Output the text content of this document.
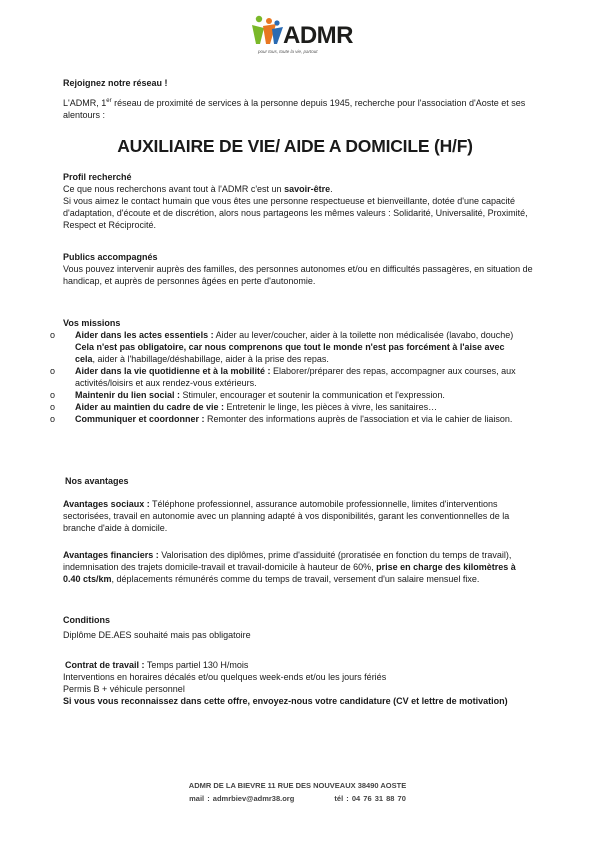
ADMR
pour tous, toute la vie, partout
Rejoignez notre réseau !
L'ADMR, 1er réseau de proximité de services à la personne depuis 1945, recherche pour l'association d'Aoste et ses alentours :
AUXILIAIRE DE VIE/ AIDE A DOMICILE (H/F)
Profil recherché
Ce que nous recherchons avant tout à l'ADMR c'est un savoir-être.
Si vous aimez le contact humain que vous êtes une personne respectueuse et bienveillante, dotée d'une capacité d'adaptation, d'écoute et de discrétion, alors nous partageons les mêmes valeurs : Solidarité, Universalité, Proximité, Respect et Réciprocité.
Publics accompagnés
Vous pouvez intervenir auprès des familles, des personnes autonomes et/ou en difficultés passagères, en situation de handicap, et auprès de personnes âgées en perte d'autonomie.
Vos missions
o	Aider dans les actes essentiels : Aider au lever/coucher, aider à la toilette non médicalisée (lavabo, douche) Cela n'est pas obligatoire, car nous comprenons que tout le monde n'est pas forcément à l'aise avec cela, aider à l'habillage/déshabillage, aider à la prise des repas.
o	Aider dans la vie quotidienne et à la mobilité : Elaborer/préparer des repas, accompagner aux courses, aux activités/loisirs et aux rendez-vous extérieurs.
o	Maintenir du lien social : Stimuler, encourager et soutenir la communication et l'expression.
o	Aider au maintien du cadre de vie : Entretenir le linge, les pièces à vivre, les sanitaires…
o	Communiquer et coordonner : Remonter des informations auprès de l'association et via le cahier de liaison.
Nos avantages
Avantages sociaux : Téléphone professionnel, assurance automobile professionnelle, limites d'interventions sectorisées, travail en autonomie avec un planning adapté à vos disponibilités, garant les conventionnelles de la branche d'aide à domicile.
Avantages financiers : Valorisation des diplômes, prime d'assiduité (proratisée en fonction du temps de travail), indemnisation des trajets domicile-travail et travail-domicile à hauteur de 60%, prise en charge des kilomètres à 0.40 cts/km, déplacements rémunérés comme du temps de travail, versement d'un salaire mensuel fixe.
Conditions
Diplôme DE.AES souhaité mais pas obligatoire
Contrat de travail : Temps partiel 130 H/mois
Interventions en horaires décalés et/ou quelques week-ends et/ou les jours fériés
Permis B + véhicule personnel
Si vous vous reconnaissez dans cette offre, envoyez-nous votre candidature (CV et lettre de motivation)
ADMR DE LA BIEVRE 11 RUE DES NOUVEAUX 38490 AOSTE
mail : admrbiev@admr38.org	tél : 04 76 31 88 70
